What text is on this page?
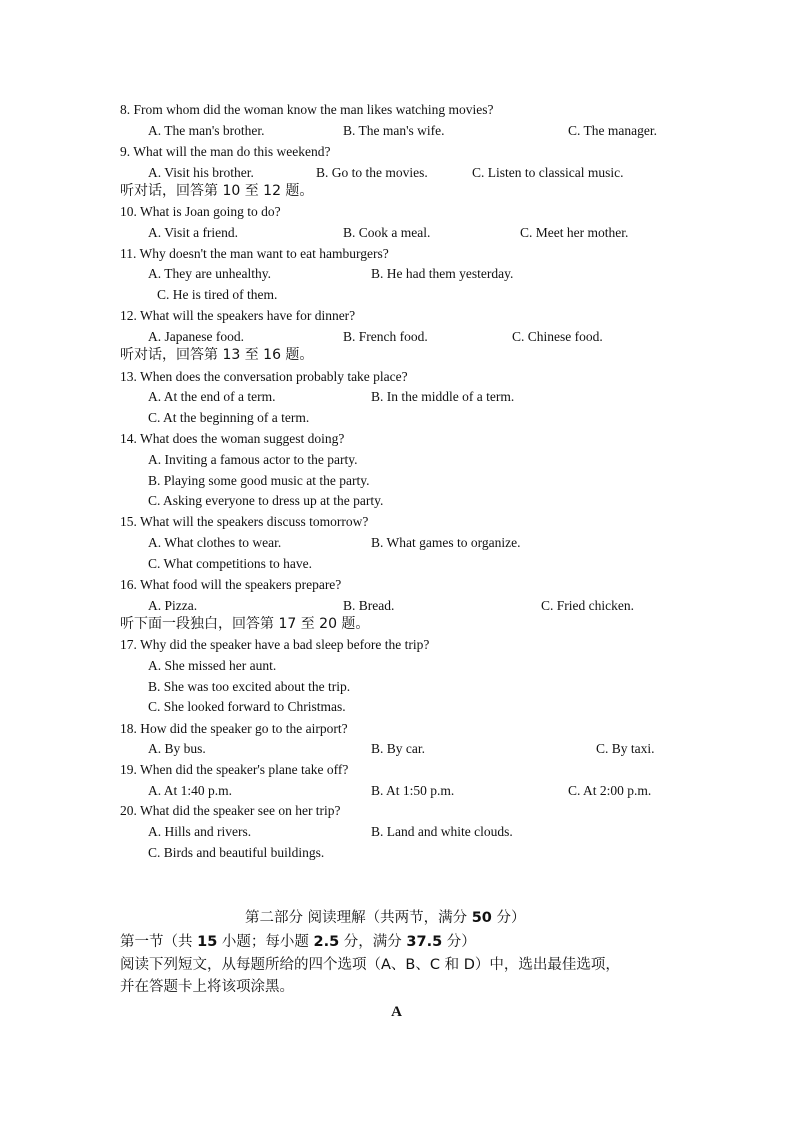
8. From whom did the woman know the man likes watching movies?
A. The man's brother.	B. The man's wife.	C. The manager.
9. What will the man do this weekend?
A. Visit his brother.	B. Go to the movies.	C. Listen to classical music.
听对话，回答第 10 至 12 题。
10. What is Joan going to do?
A. Visit a friend.	B. Cook a meal.	C. Meet her mother.
11. Why doesn't the man want to eat hamburgers?
A. They are unhealthy.	B. He had them yesterday.
C. He is tired of them.
12. What will the speakers have for dinner?
A. Japanese food.	B. French food.	C. Chinese food.
听对话，回答第 13 至 16 题。
13. When does the conversation probably take place?
A. At the end of a term.	B. In the middle of a term.
C. At the beginning of a term.
14. What does the woman suggest doing?
A. Inviting a famous actor to the party.
B. Playing some good music at the party.
C. Asking everyone to dress up at the party.
15. What will the speakers discuss tomorrow?
A. What clothes to wear.	B. What games to organize.
C. What competitions to have.
16. What food will the speakers prepare?
A. Pizza.	B. Bread.	C. Fried chicken.
听下面一段独白，回答第 17 至 20 题。
17. Why did the speaker have a bad sleep before the trip?
A. She missed her aunt.
B. She was too excited about the trip.
C. She looked forward to Christmas.
18. How did the speaker go to the airport?
A. By bus.	B. By car.	C. By taxi.
19. When did the speaker's plane take off?
A. At 1:40 p.m.	B. At 1:50 p.m.	C. At 2:00 p.m.
20. What did the speaker see on her trip?
A. Hills and rivers.	B. Land and white clouds.
C. Birds and beautiful buildings.
第二部分 阅读理解（共两节，满分 50 分）
第一节（共 15 小题；每小题 2.5 分，满分 37.5 分）
阅读下列短文，从每题所给的四个选项（A、B、C 和 D）中，选出最佳选项，
并在答题卡上将该项涂黑。
A
